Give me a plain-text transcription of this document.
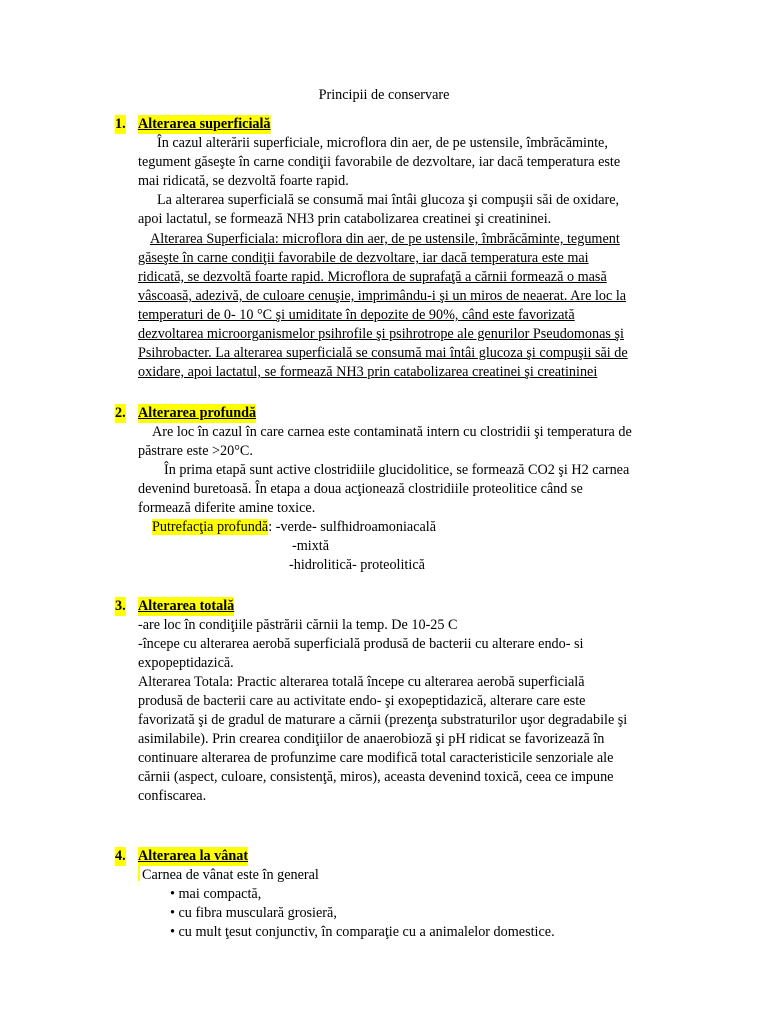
Principii de conservare
1. Alterarea superficială
În cazul alterării superficiale, microflora din aer, de pe ustensile, îmbrăcăminte,
tegument găseşte în carne condiţii favorabile de dezvoltare, iar dacă temperatura este
mai ridicată, se dezvoltă foarte rapid.
La alterarea superficială se consumă mai întâi glucoza şi compuşii săi de oxidare,
apoi lactatul, se formează NH3 prin catabolizarea creatinei şi creatininei.
Alterarea Superficiala: microflora din aer, de pe ustensile, îmbrăcăminte, tegument
găseşte în carne condiţii favorabile de dezvoltare, iar dacă temperatura este mai
ridicată, se dezvoltă foarte rapid. Microflora de suprafaţă a cărnii formează o masă
vâscoasă, adezivă, de culoare cenuşie, imprimându-i şi un miros de neaerat. Are loc la
temperaturi de 0- 10 °C şi umiditate în depozite de 90%, când este favorizată
dezvoltarea microorganismelor psihrofile şi psihrotrope ale genurilor Pseudomonas şi
Psihrobacter. La alterarea superficială se consumă mai întâi glucoza şi compuşii săi de
oxidare, apoi lactatul, se formează NH3 prin catabolizarea creatinei şi creatininei
2. Alterarea profundă
Are loc în cazul în care carnea este contaminată intern cu clostridii şi temperatura de
păstrare este >20°C.
În prima etapă sunt active clostridiile glucidolitice, se formează CO2 şi H2 carnea
devenind buretoasă. În etapa a doua acţionează clostridiile proteolitice când se
formează diferite amine toxice.
Putrefacţia profundă: -verde- sulfhidroamoniacală
-mixtă
-hidrolitică- proteolitică
3. Alterarea totală
-are loc în condiţiile păstrării cărnii la temp. De 10-25 C
-începe cu alterarea aerobă superficială produsă de bacterii cu alterare endo- si
expopeptidazică.
Alterarea Totala: Practic alterarea totală începe cu alterarea aerobă superficială
produsă de bacterii care au activitate endo- şi exopeptidazică, alterare care este
favorizată şi de gradul de maturare a cărnii (prezenţa substraturilor uşor degradabile şi
asimilabile). Prin crearea condiţiilor de anaerobioză şi pH ridicat se favorizează în
continuare alterarea de profunzime care modifică total caracteristicile senzoriale ale
cărnii (aspect, culoare, consistenţă, miros), aceasta devenind toxică, ceea ce impune
confiscarea.
4. Alterarea la vânat
Carnea de vânat este în general
• mai compactă,
• cu fibra musculară grosieră,
• cu mult ţesut conjunctiv, în comparaţie cu a animalelor domestice.
